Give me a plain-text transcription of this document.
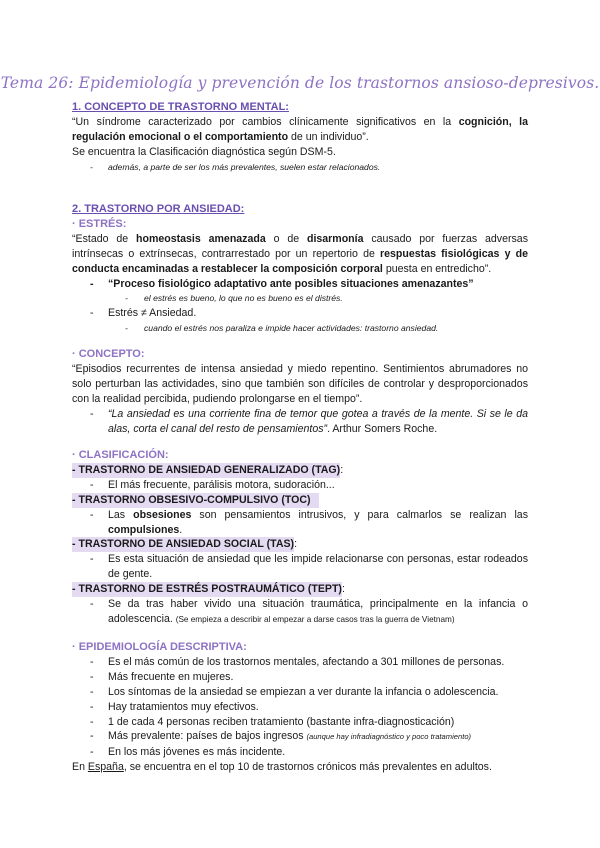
Tema 26: Epidemiología y prevención de los trastornos ansioso-depresivos.
1. CONCEPTO DE TRASTORNO MENTAL:
“Un síndrome caracterizado por cambios clínicamente significativos en la cognición, la regulación emocional o el comportamiento de un individuo”.
Se encuentra la Clasificación diagnóstica según DSM-5.
- además, a parte de ser los más prevalentes, suelen estar relacionados.
2. TRASTORNO POR ANSIEDAD:
· ESTRÉS:
“Estado de homeostasis amenazada o de disarmonía causado por fuerzas adversas intrínsecas o extrínsecas, contrarrestado por un repertorio de respuestas fisiológicas y de conducta encaminadas a restablecer la composición corporal puesta en entredicho”.
- “Proceso fisiológico adaptativo ante posibles situaciones amenazantes”
- el estrés es bueno, lo que no es bueno es el distrés.
- Estrés ≠ Ansiedad.
- cuando el estrés nos paraliza e impide hacer actividades: trastorno ansiedad.
· CONCEPTO:
“Episodios recurrentes de intensa ansiedad y miedo repentino. Sentimientos abrumadores no solo perturban las actividades, sino que también son difíciles de controlar y desproporcionados con la realidad percibida, pudiendo prolongarse en el tiempo”.
- “La ansiedad es una corriente fina de temor que gotea a través de la mente. Si se le da alas, corta el canal del resto de pensamientos”. Arthur Somers Roche.
· CLASIFICACIÓN:
- TRASTORNO DE ANSIEDAD GENERALIZADO (TAG):
- El más frecuente, parálisis motora, sudoración...
- TRASTORNO OBSESIVO-COMPULSIVO (TOC)
- Las obsesiones son pensamientos intrusivos, y para calmarlos se realizan las compulsiones.
- TRASTORNO DE ANSIEDAD SOCIAL (TAS):
- Es esta situación de ansiedad que les impide relacionarse con personas, estar rodeados de gente.
- TRASTORNO DE ESTRÉS POSTRAUMÁTICO (TEPT):
- Se da tras haber vivido una situación traumática, principalmente en la infancia o adolescencia. (Se empieza a describir al empezar a darse casos tras la guerra de Vietnam)
· EPIDEMIOLOGÍA DESCRIPTIVA:
- Es el más común de los trastornos mentales, afectando a 301 millones de personas.
- Más frecuente en mujeres.
- Los síntomas de la ansiedad se empiezan a ver durante la infancia o adolescencia.
- Hay tratamientos muy efectivos.
- 1 de cada 4 personas reciben tratamiento (bastante infra-diagnosticación)
- Más prevalente: países de bajos ingresos (aunque hay infradiagnóstico y poco tratamiento)
- En los más jóvenes es más incidente.
En España, se encuentra en el top 10 de trastornos crónicos más prevalentes en adultos.
